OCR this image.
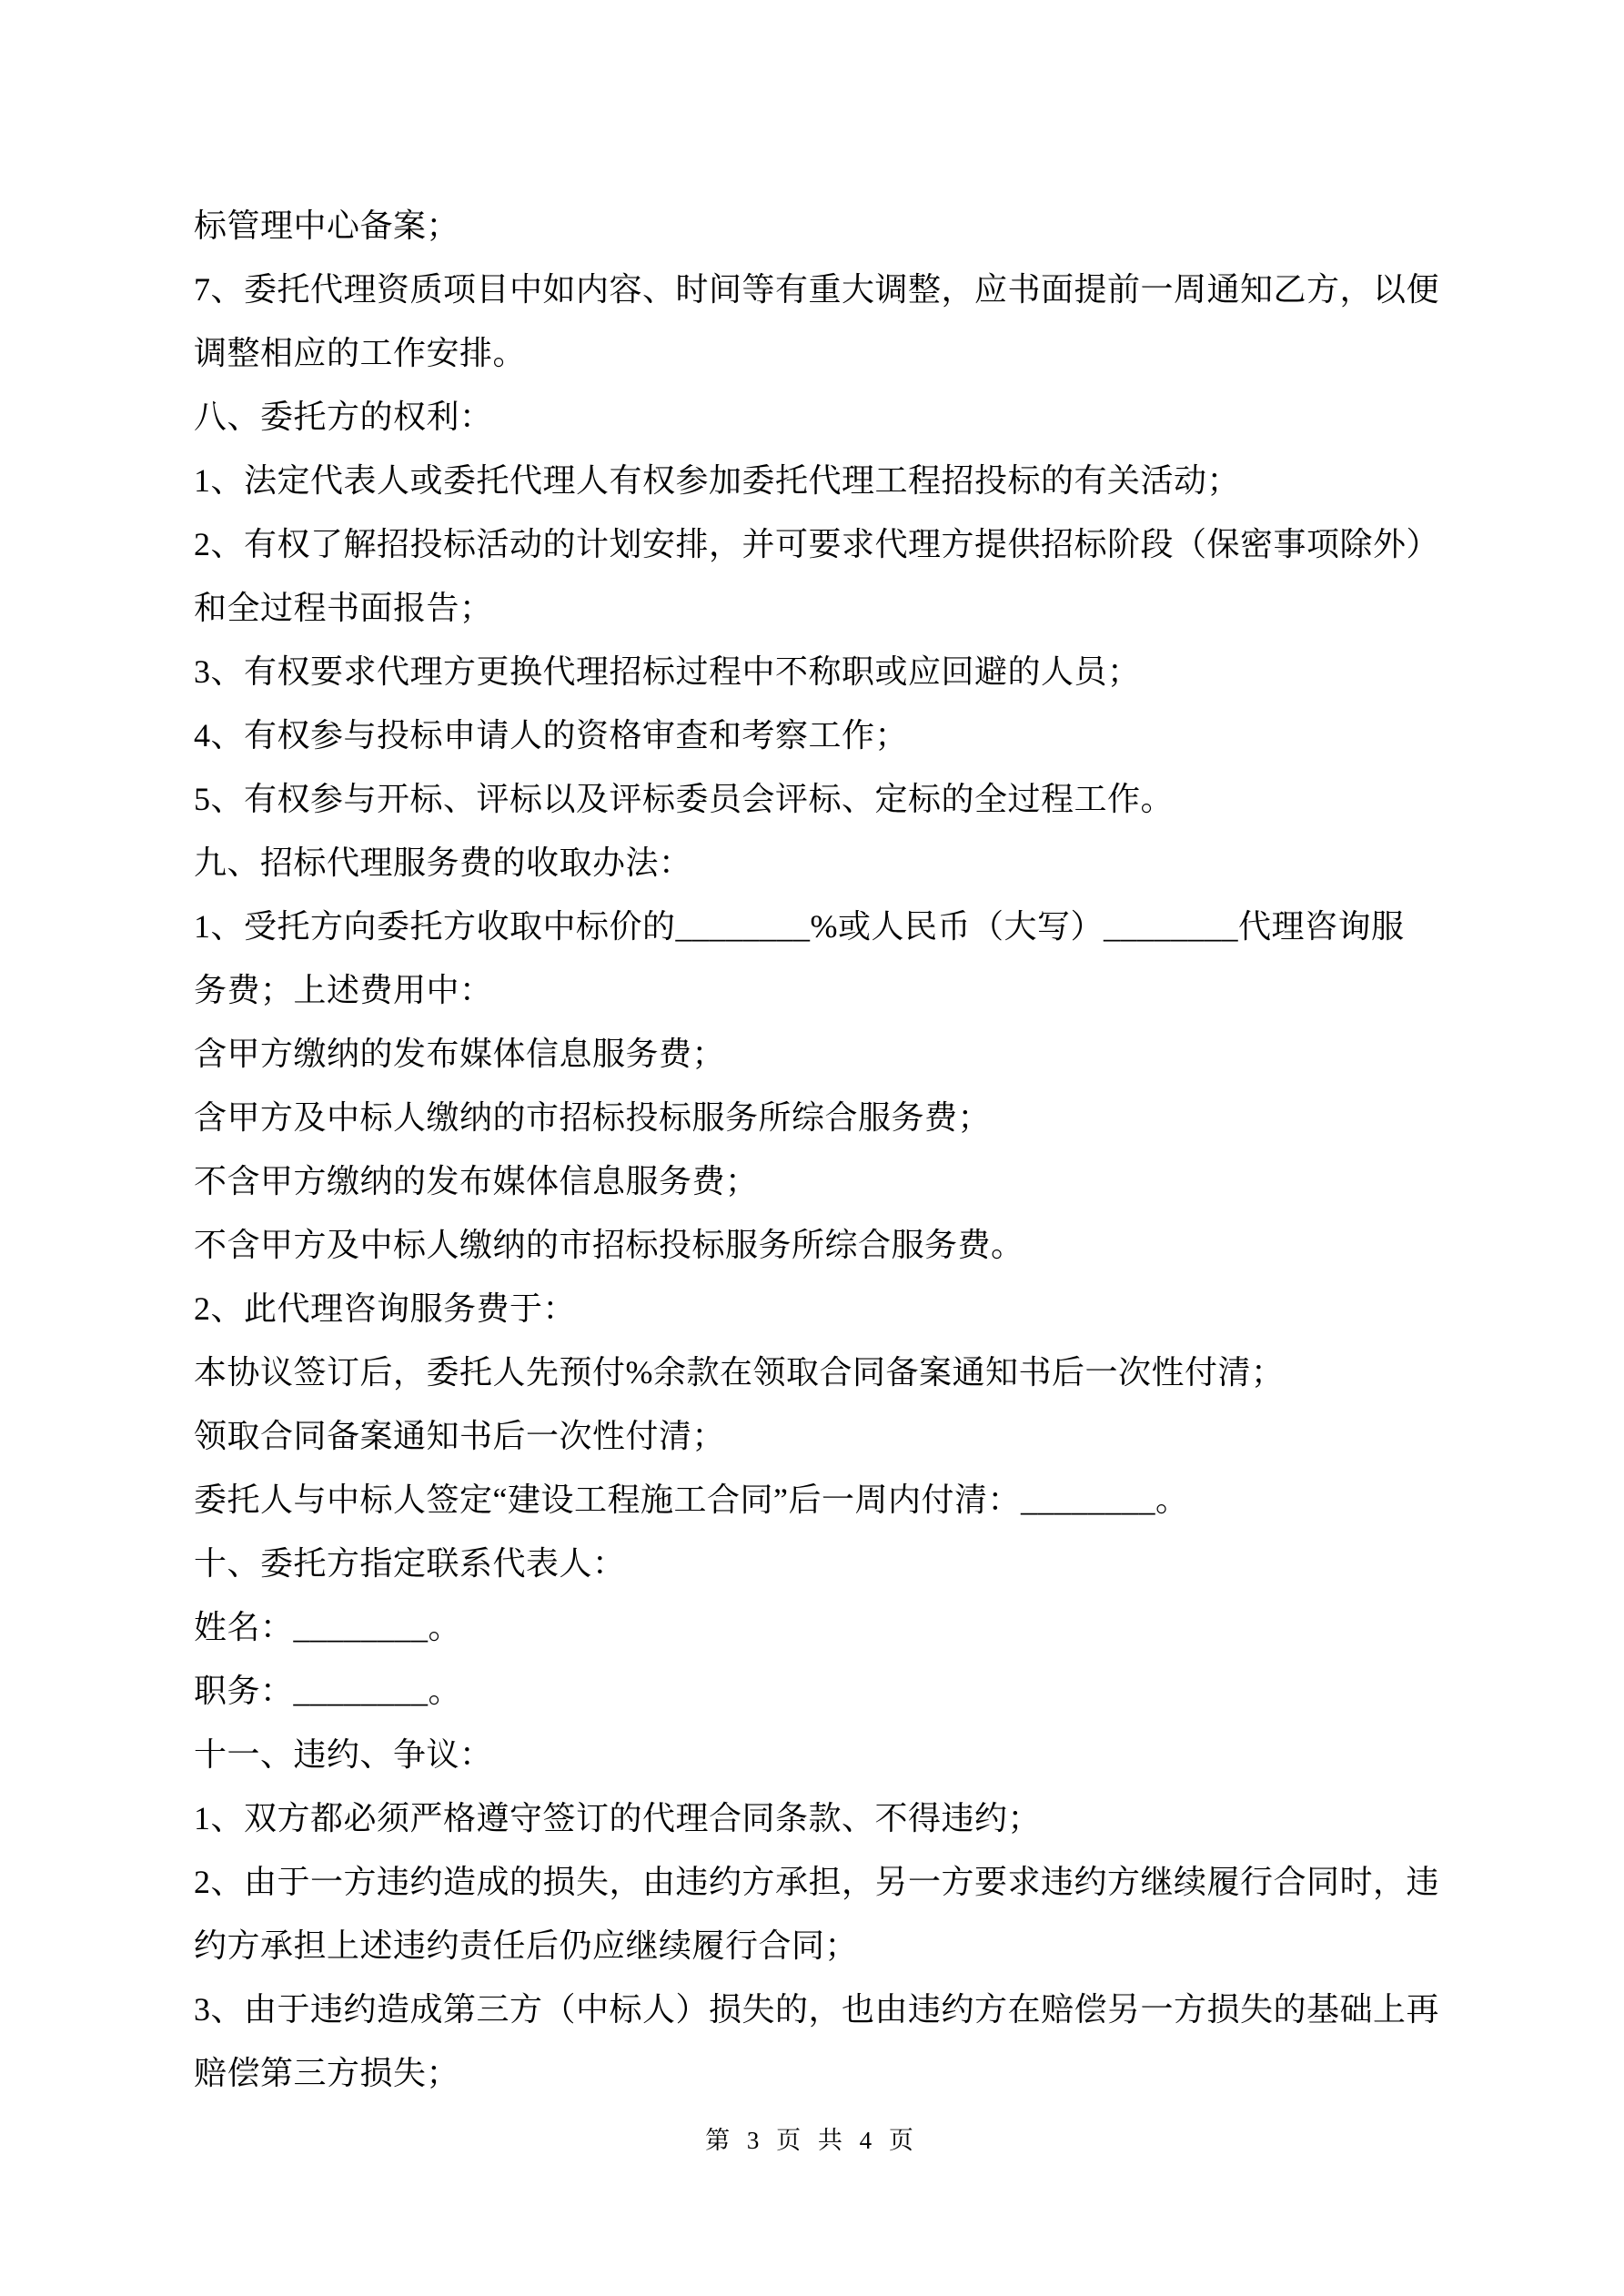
标管理中心备案；
7、委托代理资质项目中如内容、时间等有重大调整，应书面提前一周通知乙方，以便
调整相应的工作安排。
八、委托方的权利：
1、法定代表人或委托代理人有权参加委托代理工程招投标的有关活动；
2、有权了解招投标活动的计划安排，并可要求代理方提供招标阶段（保密事项除外）
和全过程书面报告；
3、有权要求代理方更换代理招标过程中不称职或应回避的人员；
4、有权参与投标申请人的资格审查和考察工作；
5、有权参与开标、评标以及评标委员会评标、定标的全过程工作。
九、招标代理服务费的收取办法：
1、受托方向委托方收取中标价的________%或人民币（大写）________代理咨询服
务费；上述费用中：
含甲方缴纳的发布媒体信息服务费；
含甲方及中标人缴纳的市招标投标服务所综合服务费；
不含甲方缴纳的发布媒体信息服务费；
不含甲方及中标人缴纳的市招标投标服务所综合服务费。
2、此代理咨询服务费于：
本协议签订后，委托人先预付%余款在领取合同备案通知书后一次性付清；
领取合同备案通知书后一次性付清；
委托人与中标人签定“建设工程施工合同”后一周内付清：________。
十、委托方指定联系代表人：
姓名：________。
职务：________。
十一、违约、争议：
1、双方都必须严格遵守签订的代理合同条款、不得违约；
2、由于一方违约造成的损失，由违约方承担，另一方要求违约方继续履行合同时，违
约方承担上述违约责任后仍应继续履行合同；
3、由于违约造成第三方（中标人）损失的，也由违约方在赔偿另一方损失的基础上再
赔偿第三方损失；
第 3 页 共 4 页
